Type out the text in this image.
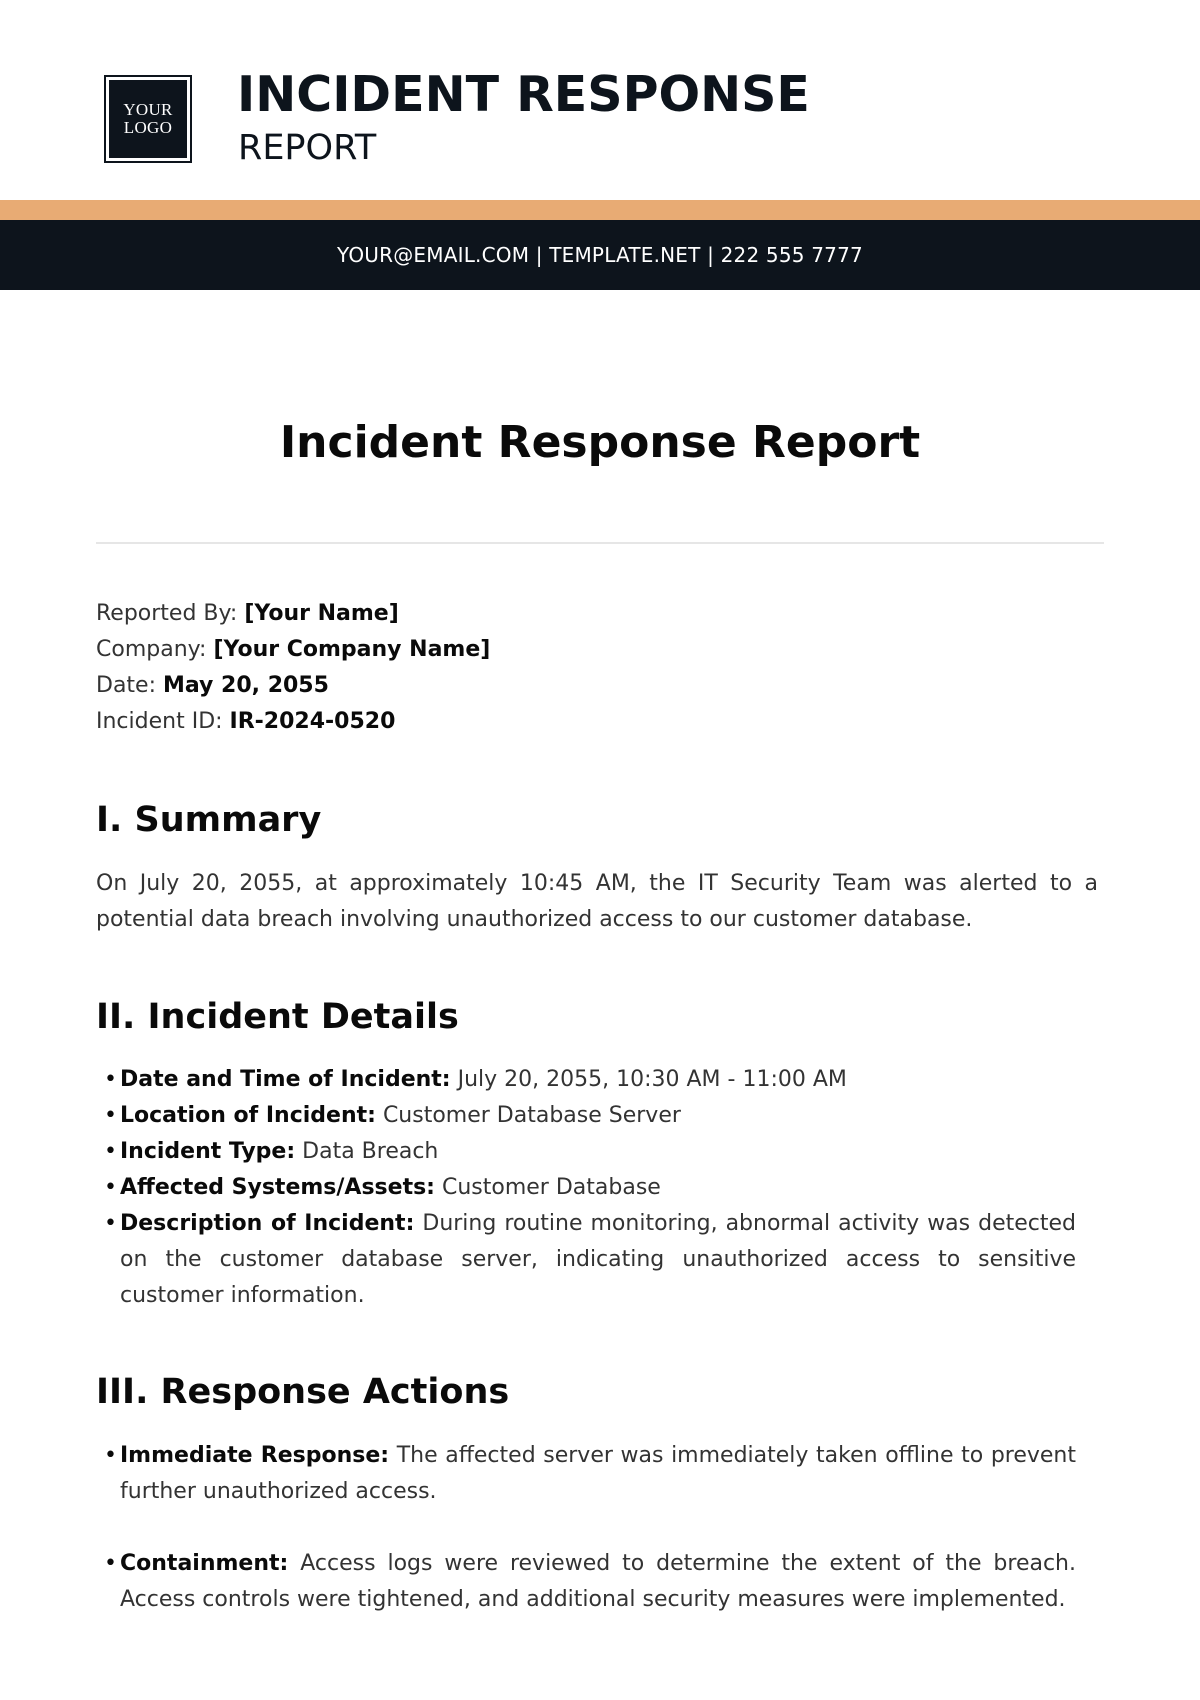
YOUR
LOGO
INCIDENT RESPONSE
REPORT
YOUR@EMAIL.COM | TEMPLATE.NET | 222 555 7777
Incident Response Report
Reported By: [Your Name]
Company: [Your Company Name]
Date: May 20, 2055
Incident ID: IR-2024-0520
I. Summary
On July 20, 2055, at approximately 10:45 AM, the IT Security Team was alerted to a potential data breach involving unauthorized access to our customer database.
II. Incident Details
• Date and Time of Incident: July 20, 2055, 10:30 AM - 11:00 AM
• Location of Incident: Customer Database Server
• Incident Type: Data Breach
• Affected Systems/Assets: Customer Database
• Description of Incident: During routine monitoring, abnormal activity was detected on the customer database server, indicating unauthorized access to sensitive customer information.
III. Response Actions
• Immediate Response: The affected server was immediately taken offline to prevent further unauthorized access.
• Containment: Access logs were reviewed to determine the extent of the breach. Access controls were tightened, and additional security measures were implemented.
